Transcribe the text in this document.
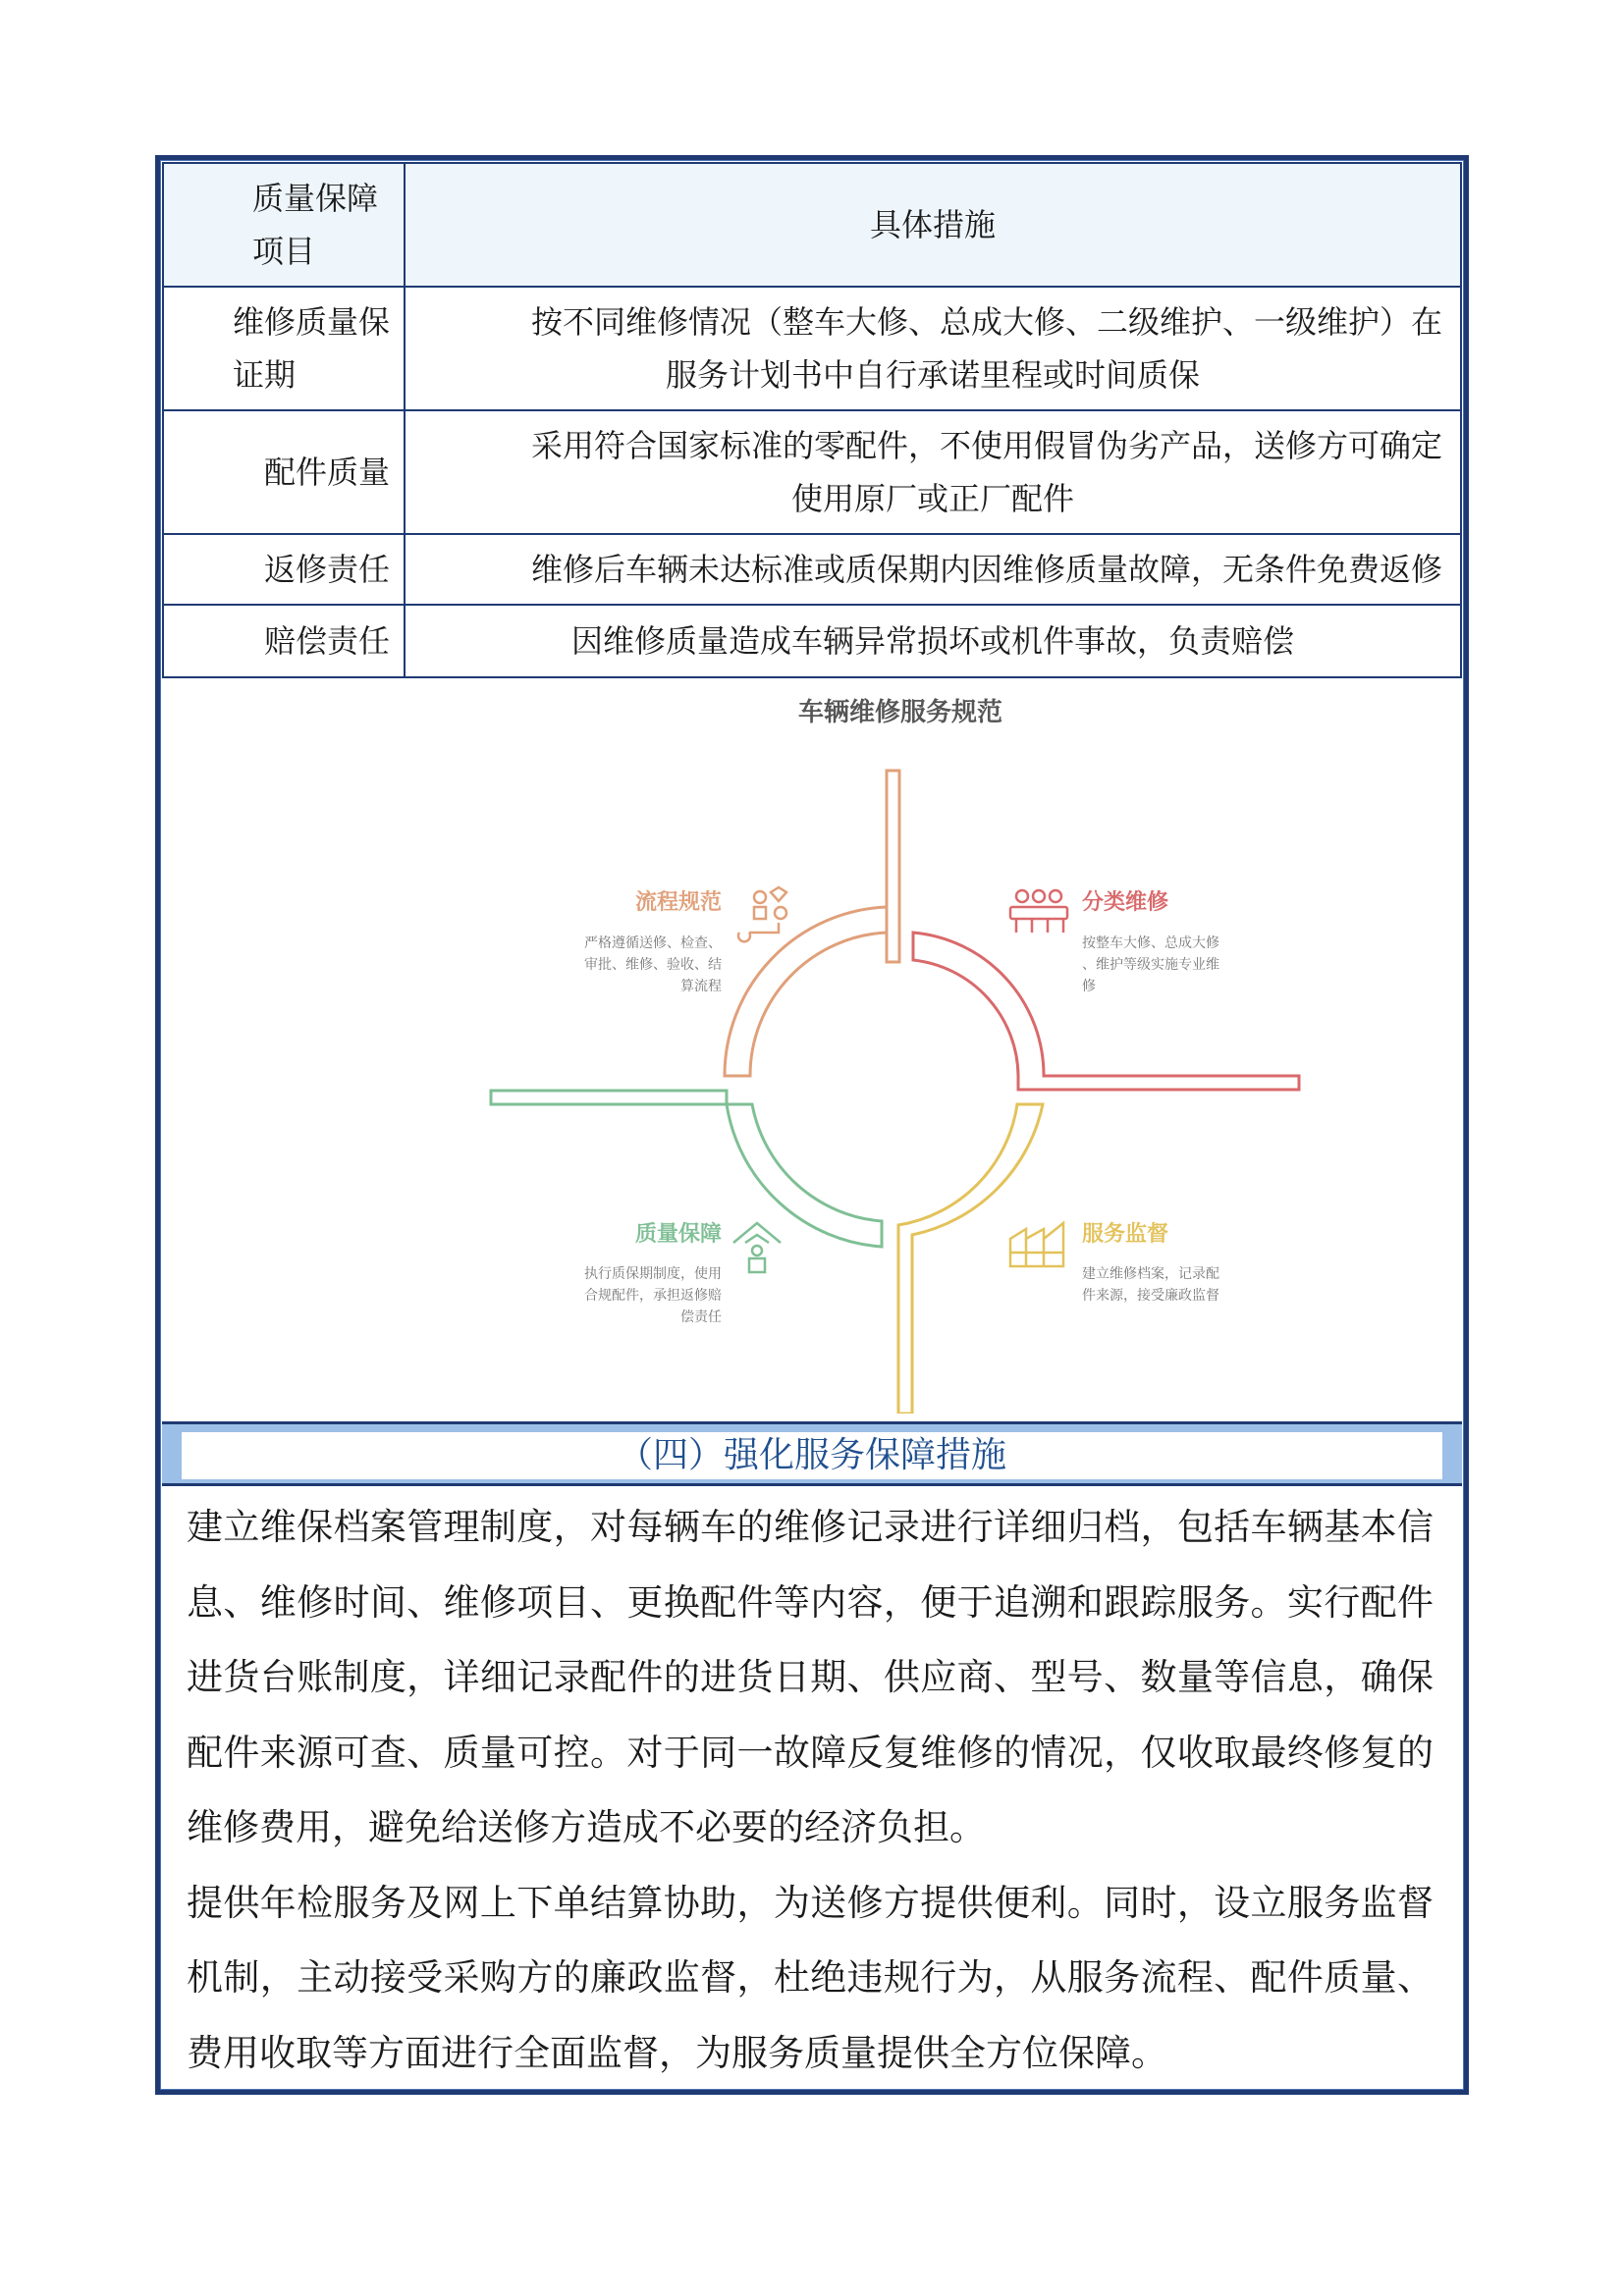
质量保障项目	具体措施
维修质量保证期	按不同维修情况（整车大修、总成大修、二级维护、一级维护）在
服务计划书中自行承诺里程或时间质保

配件质量	采用符合国家标准的零配件，不使用假冒伪劣产品，送修方可确定
使用原厂或正厂配件

返修责任	维修后车辆未达标准或质保期内因维修质量故障，无条件免费返修
赔偿责任	因维修质量造成车辆异常损坏或机件事故，负责赔偿
车辆维修服务规范
流程规范
严格遵循送修、检查、
审批、维修、验收、结
算流程
分类维修
按整车大修、总成大修
、维护等级实施专业维
修
质量保障
执行质保期制度，使用
合规配件，承担返修赔
偿责任
服务监督
建立维修档案，记录配
件来源，接受廉政监督
（四）强化服务保障措施

建立维保档案管理制度，对每辆车的维修记录进行详细归档，包括车辆基本信息、维修时间、维修项目、更换配件等内容，便于追溯和跟踪服务。实行配件进货台账制度，详细记录配件的进货日期、供应商、型号、数量等信息，确保配件来源可查、质量可控。对于同一故障反复维修的情况，仅收取最终修复的维修费用，避免给送修方造成不必要的经济负担。

提供年检服务及网上下单结算协助，为送修方提供便利。同时，设立服务监督机制，主动接受采购方的廉政监督，杜绝违规行为，从服务流程、配件质量、费用收取等方面进行全面监督，为服务质量提供全方位保障。
